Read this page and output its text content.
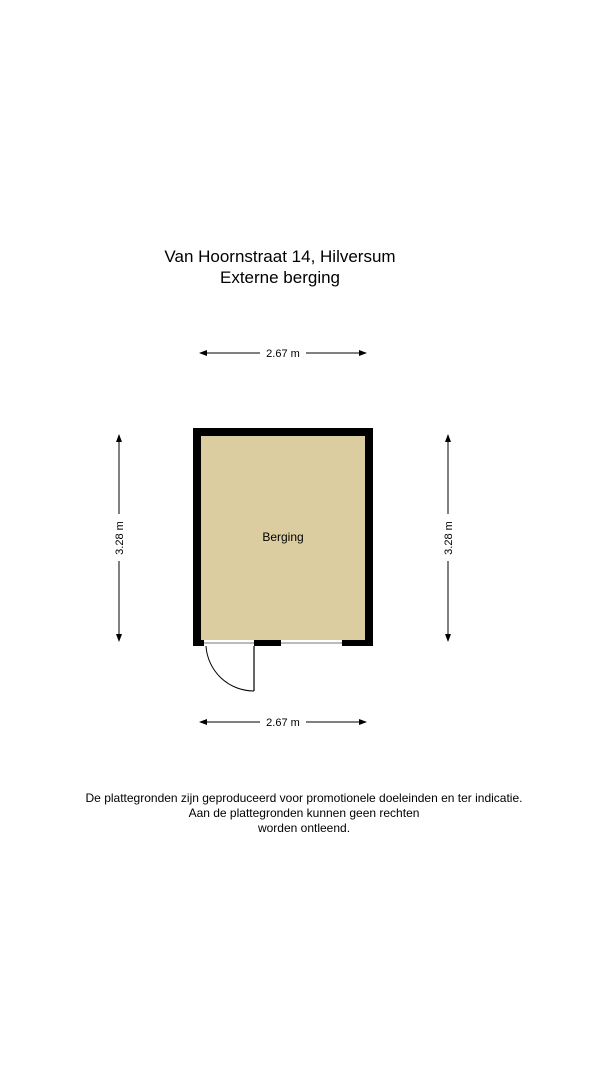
Van Hoornstraat 14, Hilversum
Externe berging
2.67 m
2.67 m
3.28 m	3.28 m
Berging
De plattegronden zijn geproduceerd voor promotionele doeleinden en ter indicatie.
Aan de plattegronden kunnen geen rechten
worden ontleend.
